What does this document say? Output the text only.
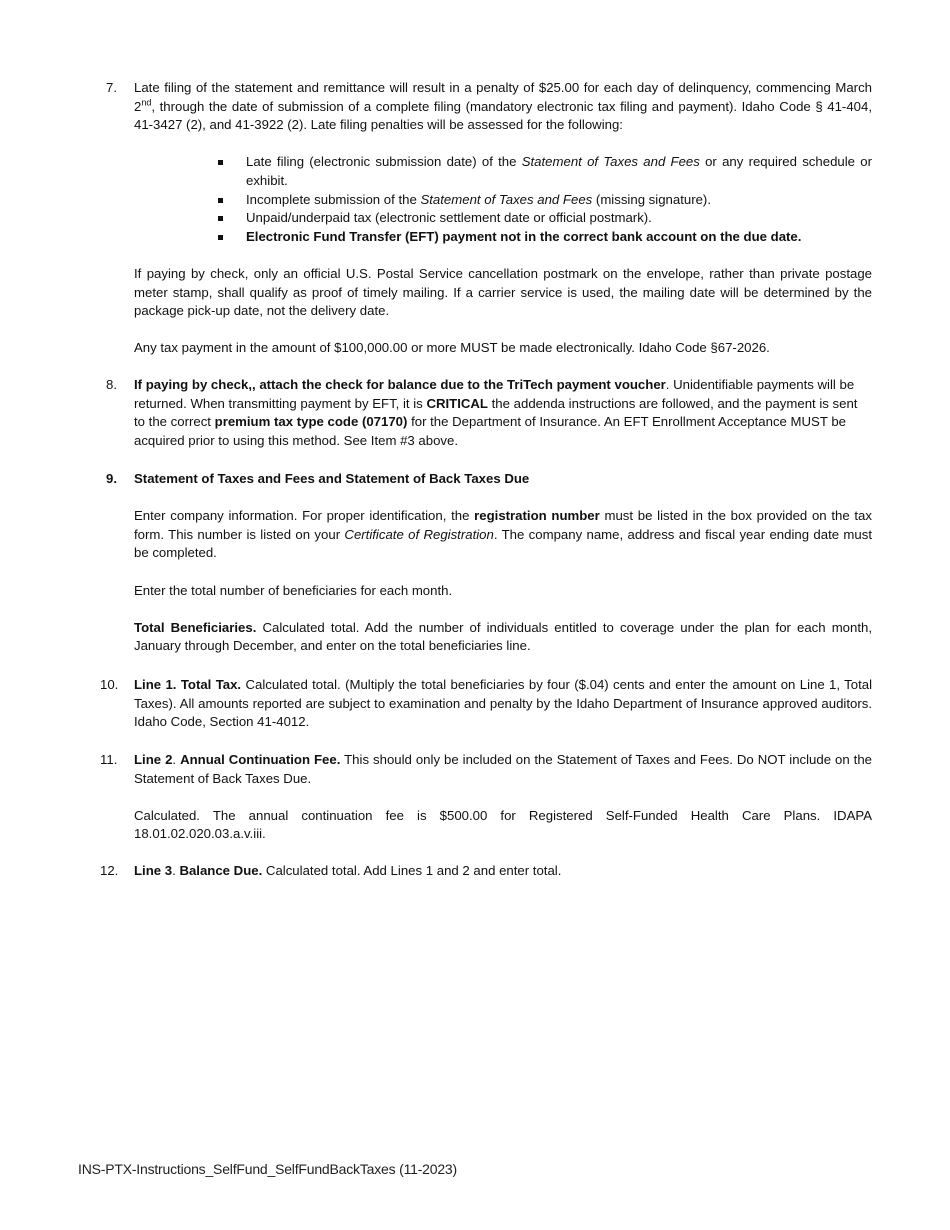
7.	Late filing of the statement and remittance will result in a penalty of $25.00 for each day of delinquency, commencing March 2nd, through the date of submission of a complete filing (mandatory electronic tax filing and payment). Idaho Code § 41-404, 41-3427 (2), and 41-3922 (2). Late filing penalties will be assessed for the following:

Late filing (electronic submission date) of the Statement of Taxes and Fees or any required schedule or exhibit.
Incomplete submission of the Statement of Taxes and Fees (missing signature).
Unpaid/underpaid tax (electronic settlement date or official postmark).
Electronic Fund Transfer (EFT) payment not in the correct bank account on the due date.

If paying by check, only an official U.S. Postal Service cancellation postmark on the envelope, rather than private postage meter stamp, shall qualify as proof of timely mailing. If a carrier service is used, the mailing date will be determined by the package pick-up date, not the delivery date.

Any tax payment in the amount of $100,000.00 or more MUST be made electronically. Idaho Code §67-2026.

8.	If paying by check,, attach the check for balance due to the TriTech payment voucher. Unidentifiable payments will be returned. When transmitting payment by EFT, it is CRITICAL the addenda instructions are followed, and the payment is sent to the correct premium tax type code (07170) for the Department of Insurance. An EFT Enrollment Acceptance MUST be acquired prior to using this method. See Item #3 above.

9.	Statement of Taxes and Fees and Statement of Back Taxes Due

Enter company information. For proper identification, the registration number must be listed in the box provided on the tax form. This number is listed on your Certificate of Registration. The company name, address and fiscal year ending date must be completed.

Enter the total number of beneficiaries for each month.

Total Beneficiaries. Calculated total. Add the number of individuals entitled to coverage under the plan for each month, January through December, and enter on the total beneficiaries line.

10.	Line 1. Total Tax. Calculated total. (Multiply the total beneficiaries by four ($.04) cents and enter the amount on Line 1, Total Taxes). All amounts reported are subject to examination and penalty by the Idaho Department of Insurance approved auditors. Idaho Code, Section 41-4012.

11.	Line 2. Annual Continuation Fee. This should only be included on the Statement of Taxes and Fees. Do NOT include on the Statement of Back Taxes Due.

Calculated. The annual continuation fee is $500.00 for Registered Self-Funded Health Care Plans. IDAPA 18.01.02.020.03.a.v.iii.

12.	Line 3. Balance Due. Calculated total. Add Lines 1 and 2 and enter total.

INS-PTX-Instructions_SelfFund_SelfFundBackTaxes (11-2023)
